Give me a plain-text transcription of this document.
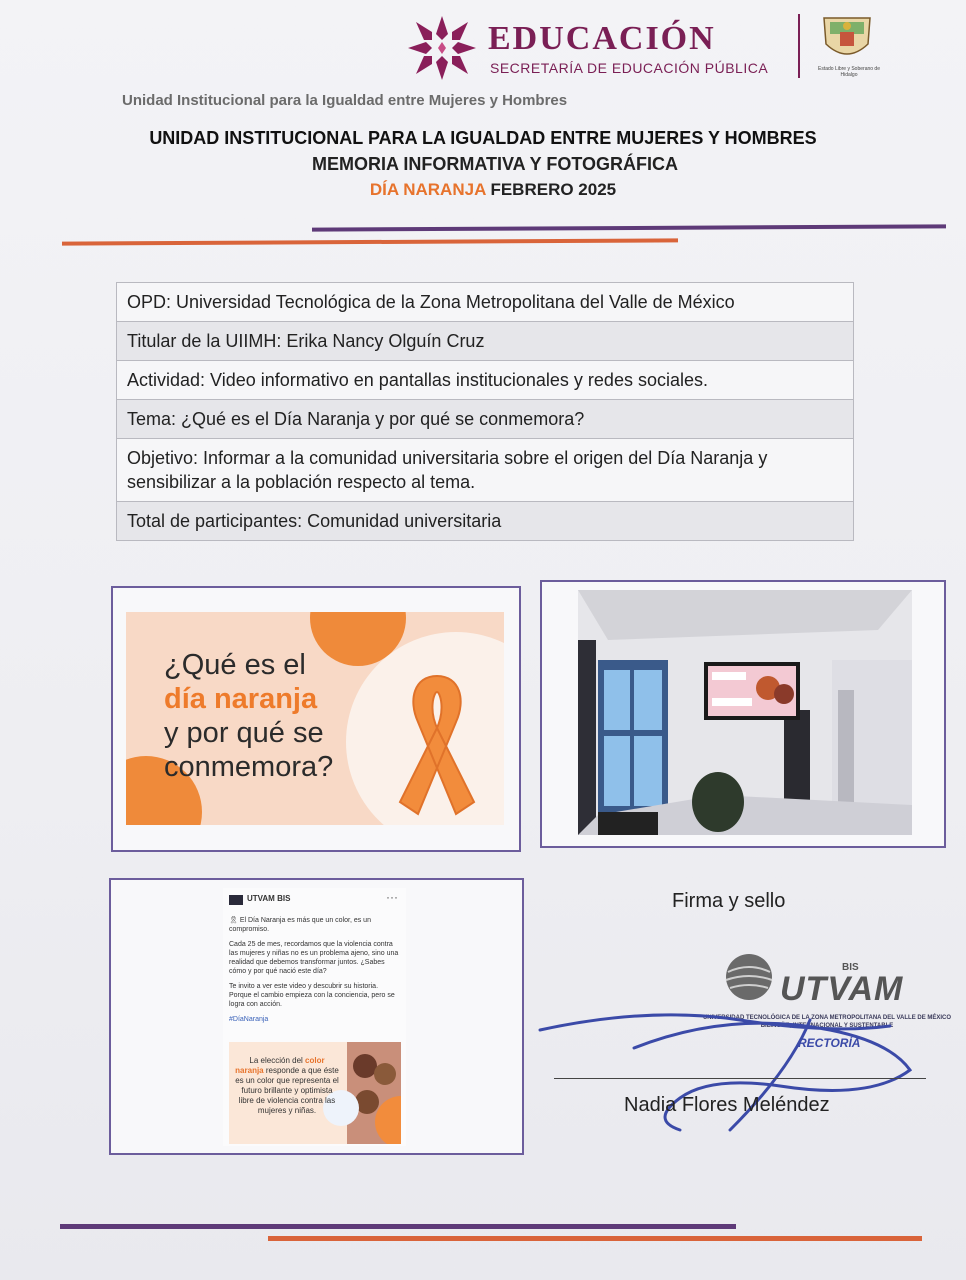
EDUCACIÓN
SECRETARÍA DE EDUCACIÓN PÚBLICA	Estado Libre y Soberano de Hidalgo
Unidad Institucional para la Igualdad entre Mujeres y Hombres
UNIDAD INSTITUCIONAL PARA LA IGUALDAD ENTRE MUJERES Y HOMBRES
MEMORIA INFORMATIVA Y FOTOGRÁFICA
DÍA NARANJA FEBRERO 2025
OPD: Universidad Tecnológica de la Zona Metropolitana del Valle de México
Titular de la UIIMH: Erika Nancy Olguín Cruz
Actividad: Video informativo en pantallas institucionales y redes sociales.
Tema: ¿Qué es el Día Naranja y por qué se conmemora?
Objetivo: Informar a la comunidad universitaria sobre el origen del Día Naranja y sensibilizar a la población respecto al tema.
Total de participantes: Comunidad universitaria
¿Qué es el
día naranja
y por qué se
conmemora?
UTVAM BIS	···

🎗 El Día Naranja es más que un color, es un compromiso.

Cada 25 de mes, recordamos que la violencia contra las mujeres y niñas no es un problema ajeno, sino una realidad que debemos transformar juntos. ¿Sabes cómo y por qué nació este día?

Te invito a ver este video y descubrir su historia. Porque el cambio empieza con la conciencia, pero se logra con acción.

#DíaNaranja

La elección del color naranja responde a que éste es un color que representa el futuro brillante y optimista libre de violencia contra las mujeres y niñas.
Firma y sello
UTVAM
BIS
UNIVERSIDAD TECNOLÓGICA DE LA ZONA METROPOLITANA DEL VALLE DE MÉXICO BILINGÜE, INTERNACIONAL Y SUSTENTABLE
RECTORÍA
Nadia Flores Meléndez
